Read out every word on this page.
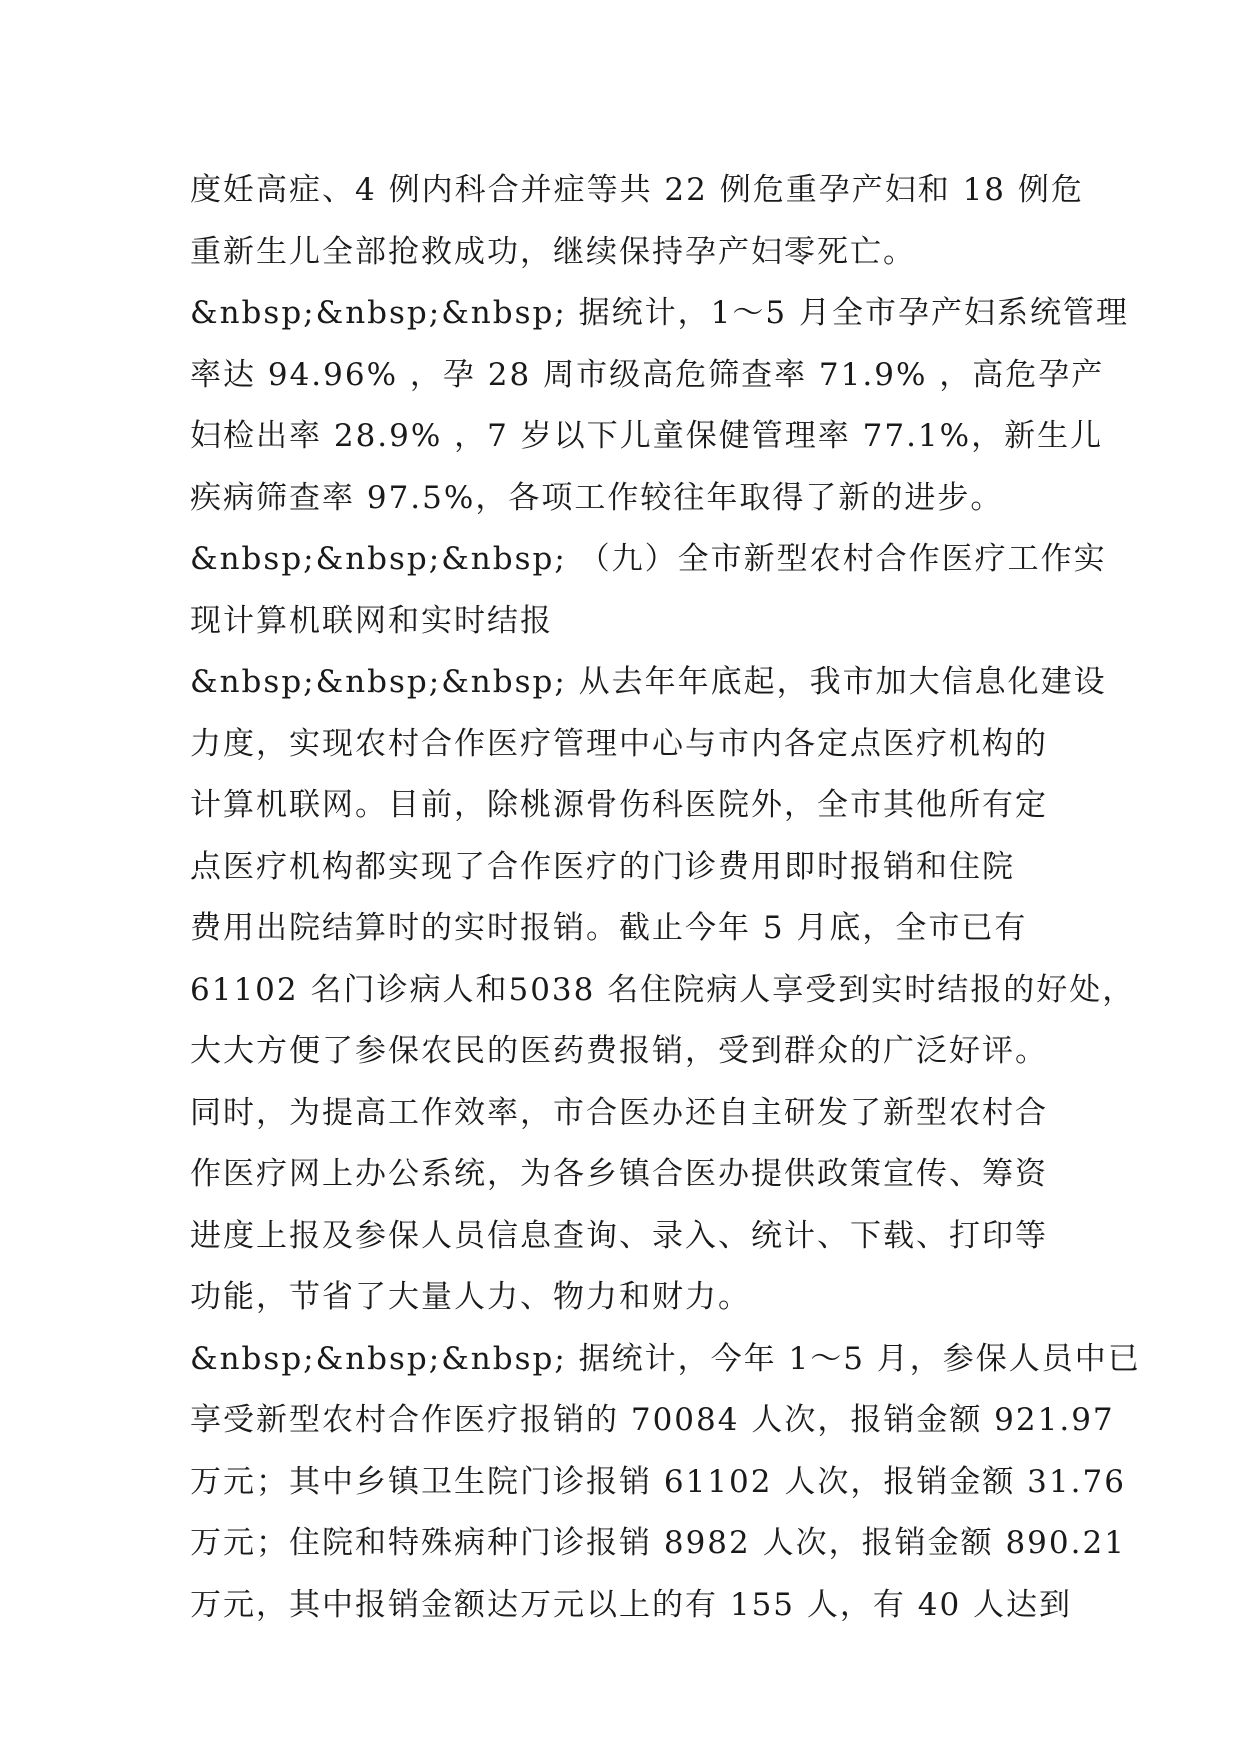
度妊高症、4 例内科合并症等共 22 例危重孕产妇和 18 例危
重新生儿全部抢救成功，继续保持孕产妇零死亡。
&nbsp;&nbsp;&nbsp; 据统计，1～5 月全市孕产妇系统管理
率达 94.96% ，孕 28 周市级高危筛查率 71.9% ，高危孕产
妇检出率 28.9% ，7 岁以下儿童保健管理率 77.1%，新生儿
疾病筛查率 97.5%，各项工作较往年取得了新的进步。
&nbsp;&nbsp;&nbsp; （九）全市新型农村合作医疗工作实
现计算机联网和实时结报
&nbsp;&nbsp;&nbsp; 从去年年底起，我市加大信息化建设
力度，实现农村合作医疗管理中心与市内各定点医疗机构的
计算机联网。目前，除桃源骨伤科医院外，全市其他所有定
点医疗机构都实现了合作医疗的门诊费用即时报销和住院
费用出院结算时的实时报销。截止今年 5 月底，全市已有
61102 名门诊病人和5038 名住院病人享受到实时结报的好处，
大大方便了参保农民的医药费报销，受到群众的广泛好评。
同时，为提高工作效率，市合医办还自主研发了新型农村合
作医疗网上办公系统，为各乡镇合医办提供政策宣传、筹资
进度上报及参保人员信息查询、录入、统计、下载、打印等
功能，节省了大量人力、物力和财力。
&nbsp;&nbsp;&nbsp; 据统计，今年 1～5 月，参保人员中已
享受新型农村合作医疗报销的 70084 人次，报销金额 921.97
万元；其中乡镇卫生院门诊报销 61102 人次，报销金额 31.76
万元；住院和特殊病种门诊报销 8982 人次，报销金额 890.21
万元，其中报销金额达万元以上的有 155 人，有 40 人达到
